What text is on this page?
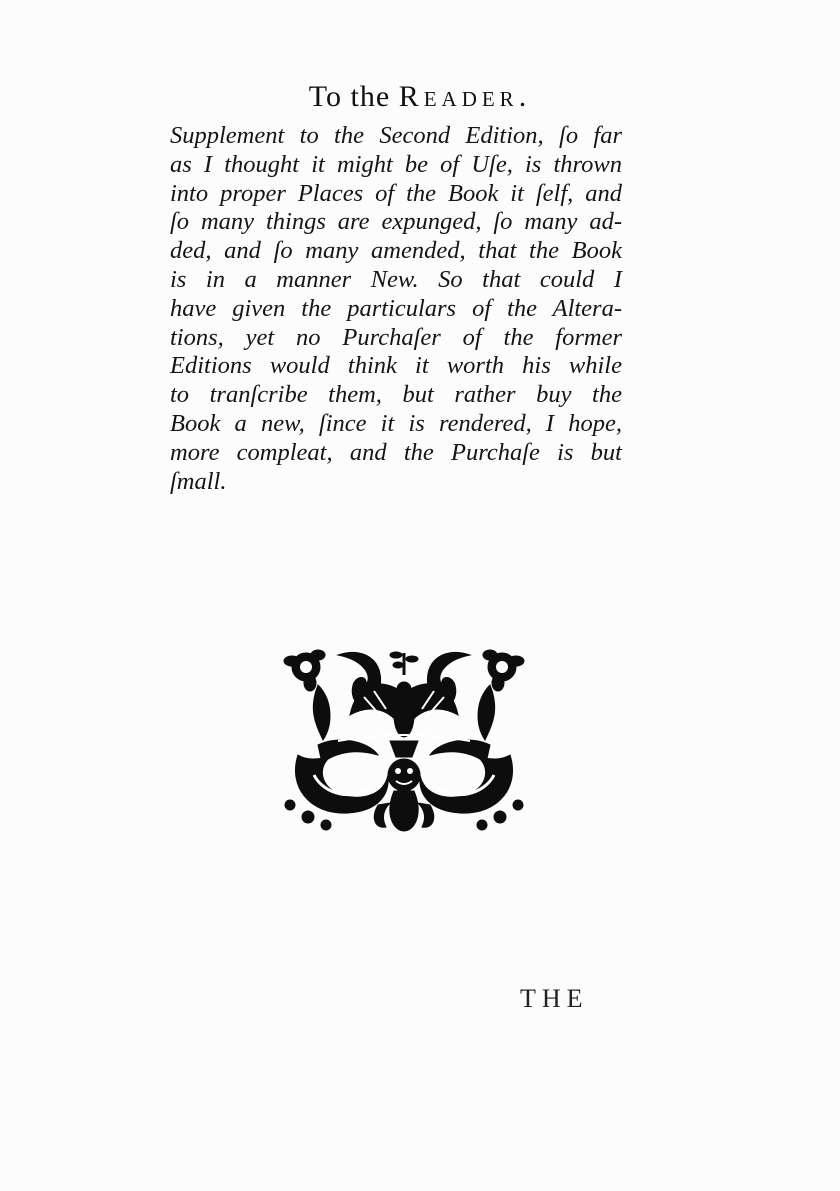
To the Reader.
Supplement to the Second Edition, ſo far
as I thought it might be of Uſe, is thrown
into proper Places of the Book it ſelf, and
ſo many things are expunged, ſo many ad-
ded, and ſo many amended, that the Book
is in a manner New. So that could I
have given the particulars of the Altera-
tions, yet no Purchaſer of the former
Editions would think it worth his while
to tranſcribe them, but rather buy the
Book a new, ſince it is rendered, I hope,
more compleat, and the Purchaſe is but
ſmall.
THE
